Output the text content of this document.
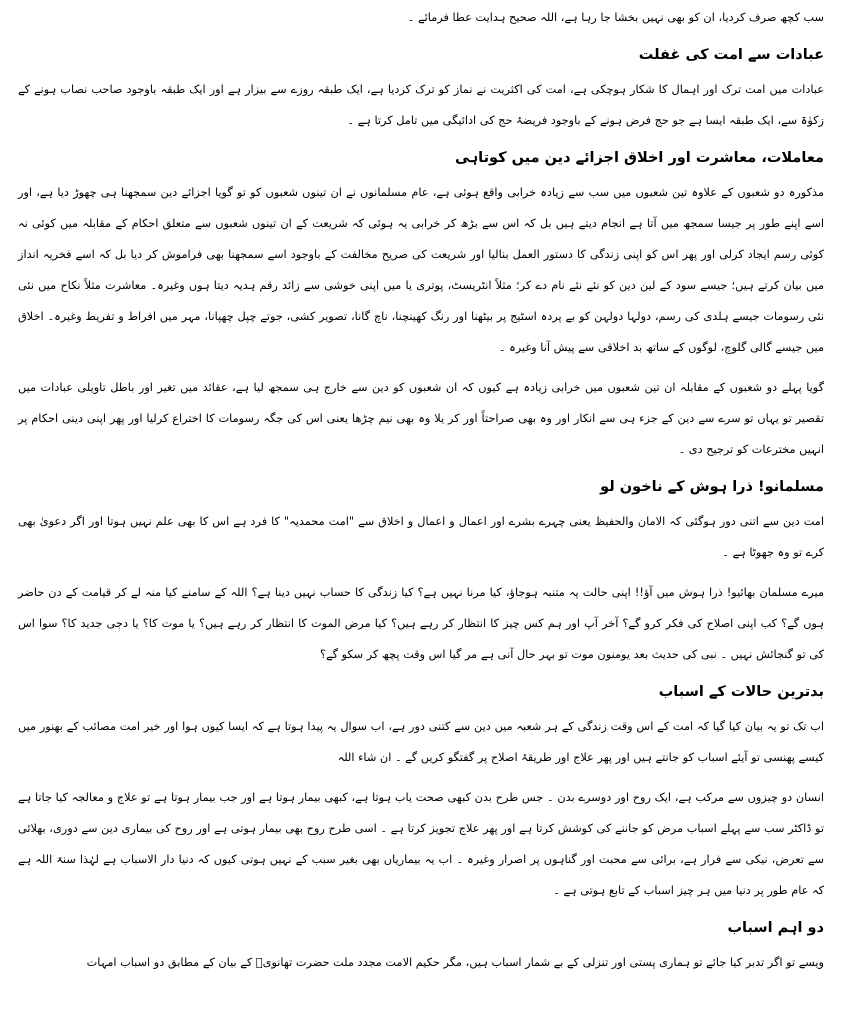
سب کچھ صرف کردیا، ان کو بھی نہیں بخشا جا رہا ہے، اللہ صحیح ہدایت عطا فرمائے ۔

عبادات سے امت کی غفلت

عبادات میں امت ترک اور اہمال کا شکار ہوچکی ہے، امت کی اکثریت نے نماز کو ترک کردیا ہے، ایک طبقہ روزے سے بیزار ہے اور ایک طبقہ باوجود صاحب نصاب ہونے کے زکوٰۃ سے، ایک طبقہ ایسا ہے جو حج فرض ہونے کے باوجود فریضۂ حج کی ادائیگی میں تامل کرتا ہے ۔

معاملات، معاشرت اور اخلاق اجزائے دین میں کوتاہی

مذکورہ دو شعبوں کے علاوہ تین شعبوں میں سب سے زیادہ خرابی واقع ہوئی ہے، عام مسلمانوں نے ان تینوں شعبوں کو تو گویا اجزائے دین سمجھنا ہی چھوڑ دیا ہے، اور اسے اپنے طور پر جیسا سمجھ میں آتا ہے انجام دیتے ہیں بل کہ اس سے بڑھ کر خرابی یہ ہوئی کہ شریعت کے ان تینوں شعبوں سے متعلق احکام کے مقابلہ میں کوئی نہ کوئی رسم ایجاد کرلی اور پھر اس کو اپنی زندگی کا دستور العمل بنالیا اور شریعت کی صریح مخالفت کے باوجود اسے سمجھنا بھی فراموش کر دیا بل کہ اسے فخریہ انداز میں بیان کرتے ہیں؛ جیسے سود کے لین دین کو نئے نئے نام دے کر؛ مثلاً انٹریسٹ، پوتری یا میں اپنی خوشی سے زائد رقم ہدیہ دیتا ہوں وغیرہ۔ معاشرت مثلاً نکاح میں نئی نئی رسومات جیسے ہلدی کی رسم، دولہا دولہن کو بے پردہ اسٹیج پر بیٹھنا اور رنگ کھینچنا، ناچ گانا، تصویر کشی، جوتے چپل چھپانا، مہر میں افراط و تفریط وغیرہ۔ اخلاق میں جیسے گالی گلوچ، لوگوں کے ساتھ بد اخلاقی سے پیش آنا وغیرہ ۔

گویا پہلے دو شعبوں کے مقابلہ ان تین شعبوں میں خرابی زیادہ ہے کیوں کہ ان شعبوں کو دین سے خارج ہی سمجھ لیا ہے، عقائد میں تغیر اور باطل تاویلی عبادات میں تقصیر تو یہاں تو سرے سے دین کے جزء ہی سے انکار اور وہ بھی صراحتاً اور کر یلا وہ بھی نیم چڑھا یعنی اس کی جگہ رسومات کا اختراع کرلیا اور پھر اپنی دینی احکام پر انہیں مخترعات کو ترجیح دی ۔

مسلمانو! ذرا ہوش کے ناخون لو

امت دین سے اتنی دور ہوگئی کہ الامان والحفیظ یعنی چہرے بشرے اور اعمال و اعمال و اخلاق سے "امت محمدیہ" کا فرد ہے اس کا بھی علم نہیں ہوتا اور اگر دعویٰ بھی کرے تو وہ جھوٹا ہے ۔

میرے مسلمان بھائیو! ذرا ہوش میں آؤ!! اپنی حالت پہ متنبہ ہوجاؤ، کیا مرنا نہیں ہے؟ کیا زندگی کا حساب نہیں دینا ہے؟ اللہ کے سامنے کیا منہ لے کر قیامت کے دن حاضر ہوں گے؟ کب اپنی اصلاح کی فکر کرو گے؟ آخر آپ اور ہم کس چیز کا انتظار کر رہے ہیں؟ کیا مرض الموت کا انتظار کر رہے ہیں؟ یا موت کا؟ یا دجی جدید کا؟ سوا اس کی تو گنجائش نہیں ۔ نبی کی حدیث بعد یومنون موت تو بہر حال آنی ہے مر گیا اس وقت پچھ کر سکو گے؟

بدترین حالات کے اسباب

اب تک تو یہ بیان کیا گیا کہ امت کے اس وقت زندگی کے ہر شعبہ میں دین سے کتنی دور ہے، اب سوال یہ پیدا ہوتا ہے کہ ایسا کیوں ہوا اور خیر امت مصائب کے بھنور میں کیسے پھنسی تو آیئے اسباب کو جانتے ہیں اور پھر علاج اور طریقۂ اصلاح پر گفتگو کریں گے ۔ ان شاء اللہ

انسان دو چیزوں سے مرکب ہے، ایک روح اور دوسرے بدن ۔ جس طرح بدن کبھی صحت یاب ہوتا ہے، کبھی بیمار ہوتا ہے اور جب بیمار ہوتا ہے تو علاج و معالجہ کیا جاتا ہے تو ڈاکٹر سب سے پہلے اسباب مرض کو جاننے کی کوشش کرتا ہے اور پھر علاج تجویز کرتا ہے ۔ اسی طرح روح بھی بیمار ہوتی ہے اور روح کی بیماری دین سے دوری، بھلائی سے تعرض، نیکی سے فرار ہے، برائی سے محبت اور گناہوں پر اصرار وغیرہ ۔ اب یہ بیماریاں بھی بغیر سبب کے نہیں ہوتی کیوں کہ دنیا دار الاسباب ہے لہٰذا سنۃ اللہ ہے کہ عام طور پر دنیا میں ہر چیز اسباب کے تابع ہوتی ہے ۔

دو اہم اسباب

ویسے تو اگر تدبر کیا جائے تو ہماری پستی اور تنزلی کے بے شمار اسباب ہیں، مگر حکیم الامت مجدد ملت حضرت تھانویؒ کے بیان کے مطابق دو اسباب امہات
